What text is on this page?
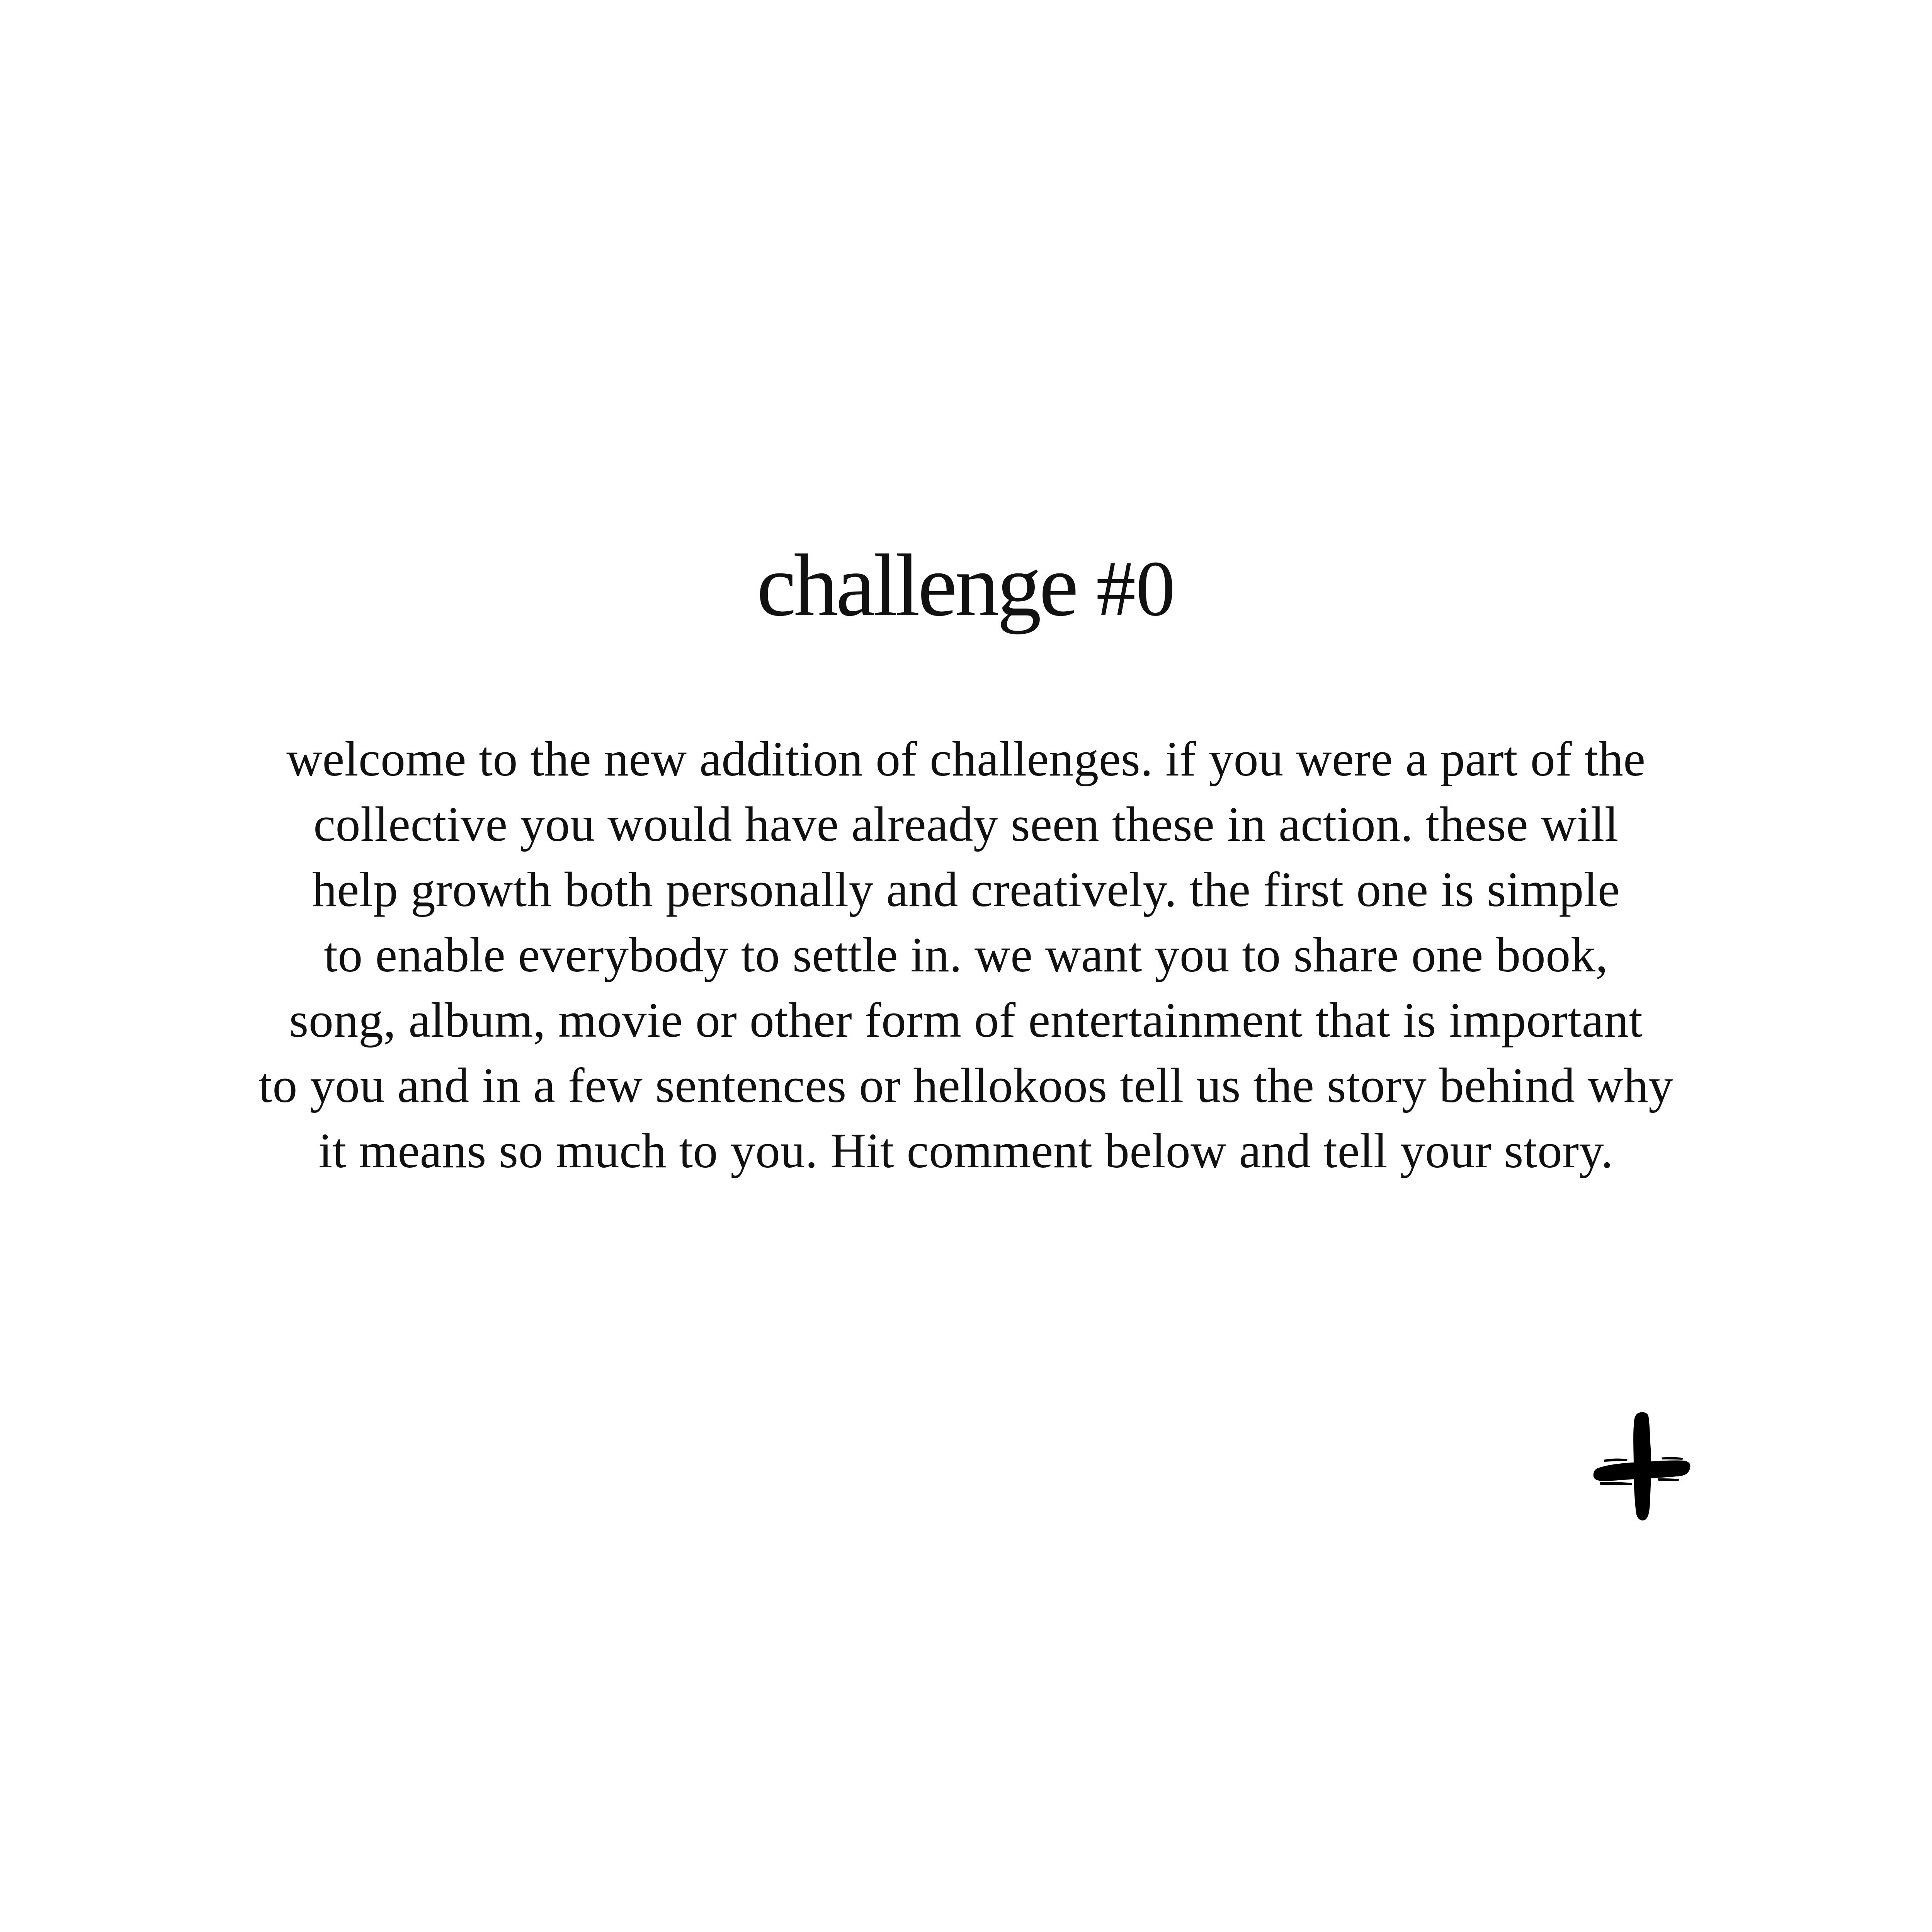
challenge #0

welcome to the new addition of challenges. if you were a part of the
collective you would have already seen these in action. these will
help growth both personally and creatively. the first one is simple
to enable everybody to settle in. we want you to share one book,
song, album, movie or other form of entertainment that is important
to you and in a few sentences or hellokoos tell us the story behind why
it means so much to you. Hit comment below and tell your story.
